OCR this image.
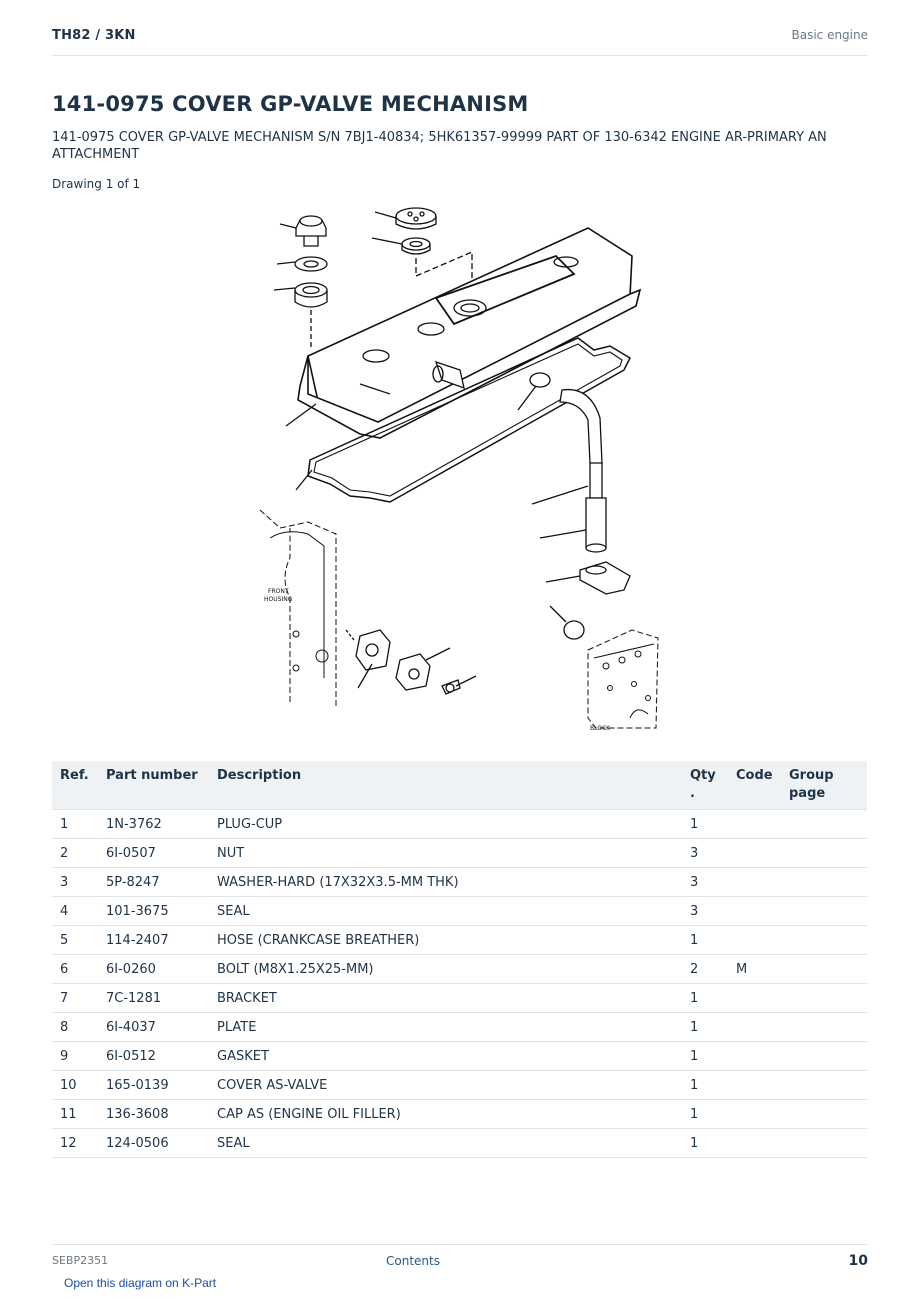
TH82 / 3KN	Basic engine
141-0975 COVER GP-VALVE MECHANISM

141-0975 COVER GP-VALVE MECHANISM S/N 7BJ1-40834; 5HK61357-99999 PART OF 130-6342 ENGINE AR-PRIMARY AN ATTACHMENT

Drawing 1 of 1
FRONT
HOUSING
BLOCK
Ref.	Part number	Description	Qty .	Code	Group page
1	1N-3762	PLUG-CUP	1		
2	6I-0507	NUT	3		
3	5P-8247	WASHER-HARD (17X32X3.5-MM THK)	3		
4	101-3675	SEAL	3		
5	114-2407	HOSE (CRANKCASE BREATHER)	1		
6	6I-0260	BOLT (M8X1.25X25-MM)	2	M	
7	7C-1281	BRACKET	1		
8	6I-4037	PLATE	1		
9	6I-0512	GASKET	1		
10	165-0139	COVER AS-VALVE	1		
11	136-3608	CAP AS (ENGINE OIL FILLER)	1		
12	124-0506	SEAL	1		
SEBP2351	Contents	10
Open this diagram on K-Part
